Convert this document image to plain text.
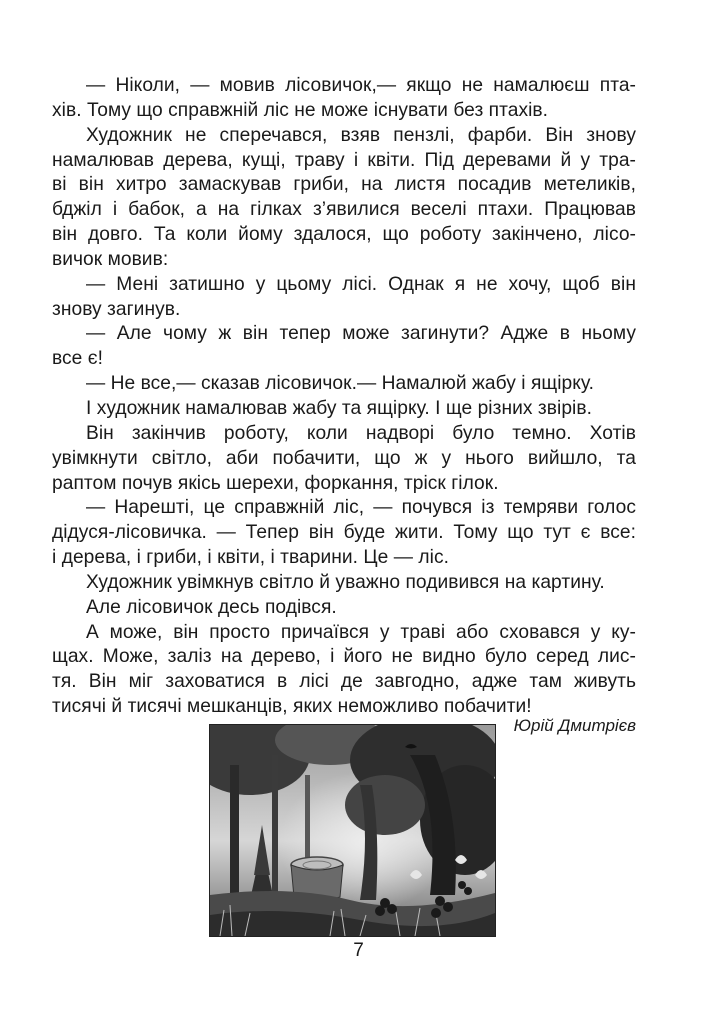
— Ніколи, — мовив лісовичок,— якщо не намалюєш пта-
хів. Тому що справжній ліс не може існувати без птахів.
Художник не сперечався, взяв пензлі, фарби. Він знову
намалював дерева, кущі, траву і квіти. Під деревами й у тра-
ві він хитро замаскував гриби, на листя посадив метеликів,
бджіл і бабок, а на гілках з’явилися веселі птахи. Працював
він довго. Та коли йому здалося, що роботу закінчено, лісо-
вичок мовив:
— Мені затишно у цьому лісі. Однак я не хочу, щоб він
знову загинув.
— Але чому ж він тепер може загинути? Адже в ньому
все є!
— Не все,— сказав лісовичок.— Намалюй жабу і ящірку.
І художник намалював жабу та ящірку. І ще різних звірів.
Він закінчив роботу, коли надворі було темно. Хотів
увімкнути світло, аби побачити, що ж у нього вийшло, та
раптом почув якісь шерехи, форкання, тріск гілок.
— Нарешті, це справжній ліс, — почувся із темряви голос
дідуся-лісовичка. — Тепер він буде жити. Тому що тут є все:
і дерева, і гриби, і квіти, і тварини. Це — ліс.
Художник увімкнув світло й уважно подивився на картину.
Але лісовичок десь подівся.
А може, він просто причаївся у траві або сховався у ку-
щах. Може, заліз на дерево, і його не видно було серед лис-
тя. Він міг заховатися в лісі де завгодно, адже там живуть
тисячі й тисячі мешканців, яких неможливо побачити!
Юрій Дмитрієв
7
